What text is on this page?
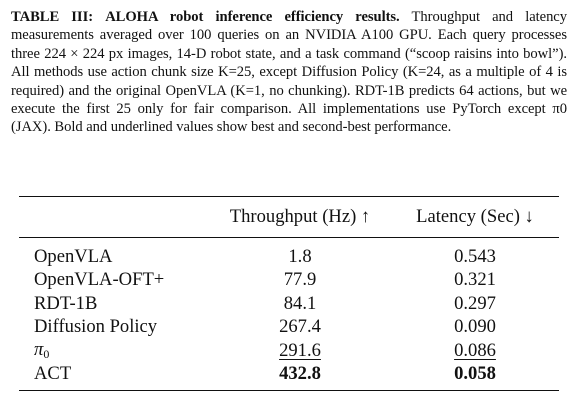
TABLE III: ALOHA robot inference efficiency results. Throughput and latency measurements averaged over 100 queries on an NVIDIA A100 GPU. Each query processes three 224 × 224 px images, 14-D robot state, and a task command (“scoop raisins into bowl”). All methods use action chunk size K=25, except Diffusion Policy (K=24, as a multiple of 4 is required) and the original OpenVLA (K=1, no chunking). RDT-1B predicts 64 actions, but we execute the first 25 only for fair comparison. All implementations use PyTorch except π0 (JAX). Bold and underlined values show best and second-best performance.
	Throughput (Hz) ↑	Latency (Sec) ↓

OpenVLA	1.8	0.543
OpenVLA-OFT+	77.9	0.321
RDT-1B	84.1	0.297
Diffusion Policy	267.4	0.090
π0	291.6	0.086
ACT	432.8	0.058
